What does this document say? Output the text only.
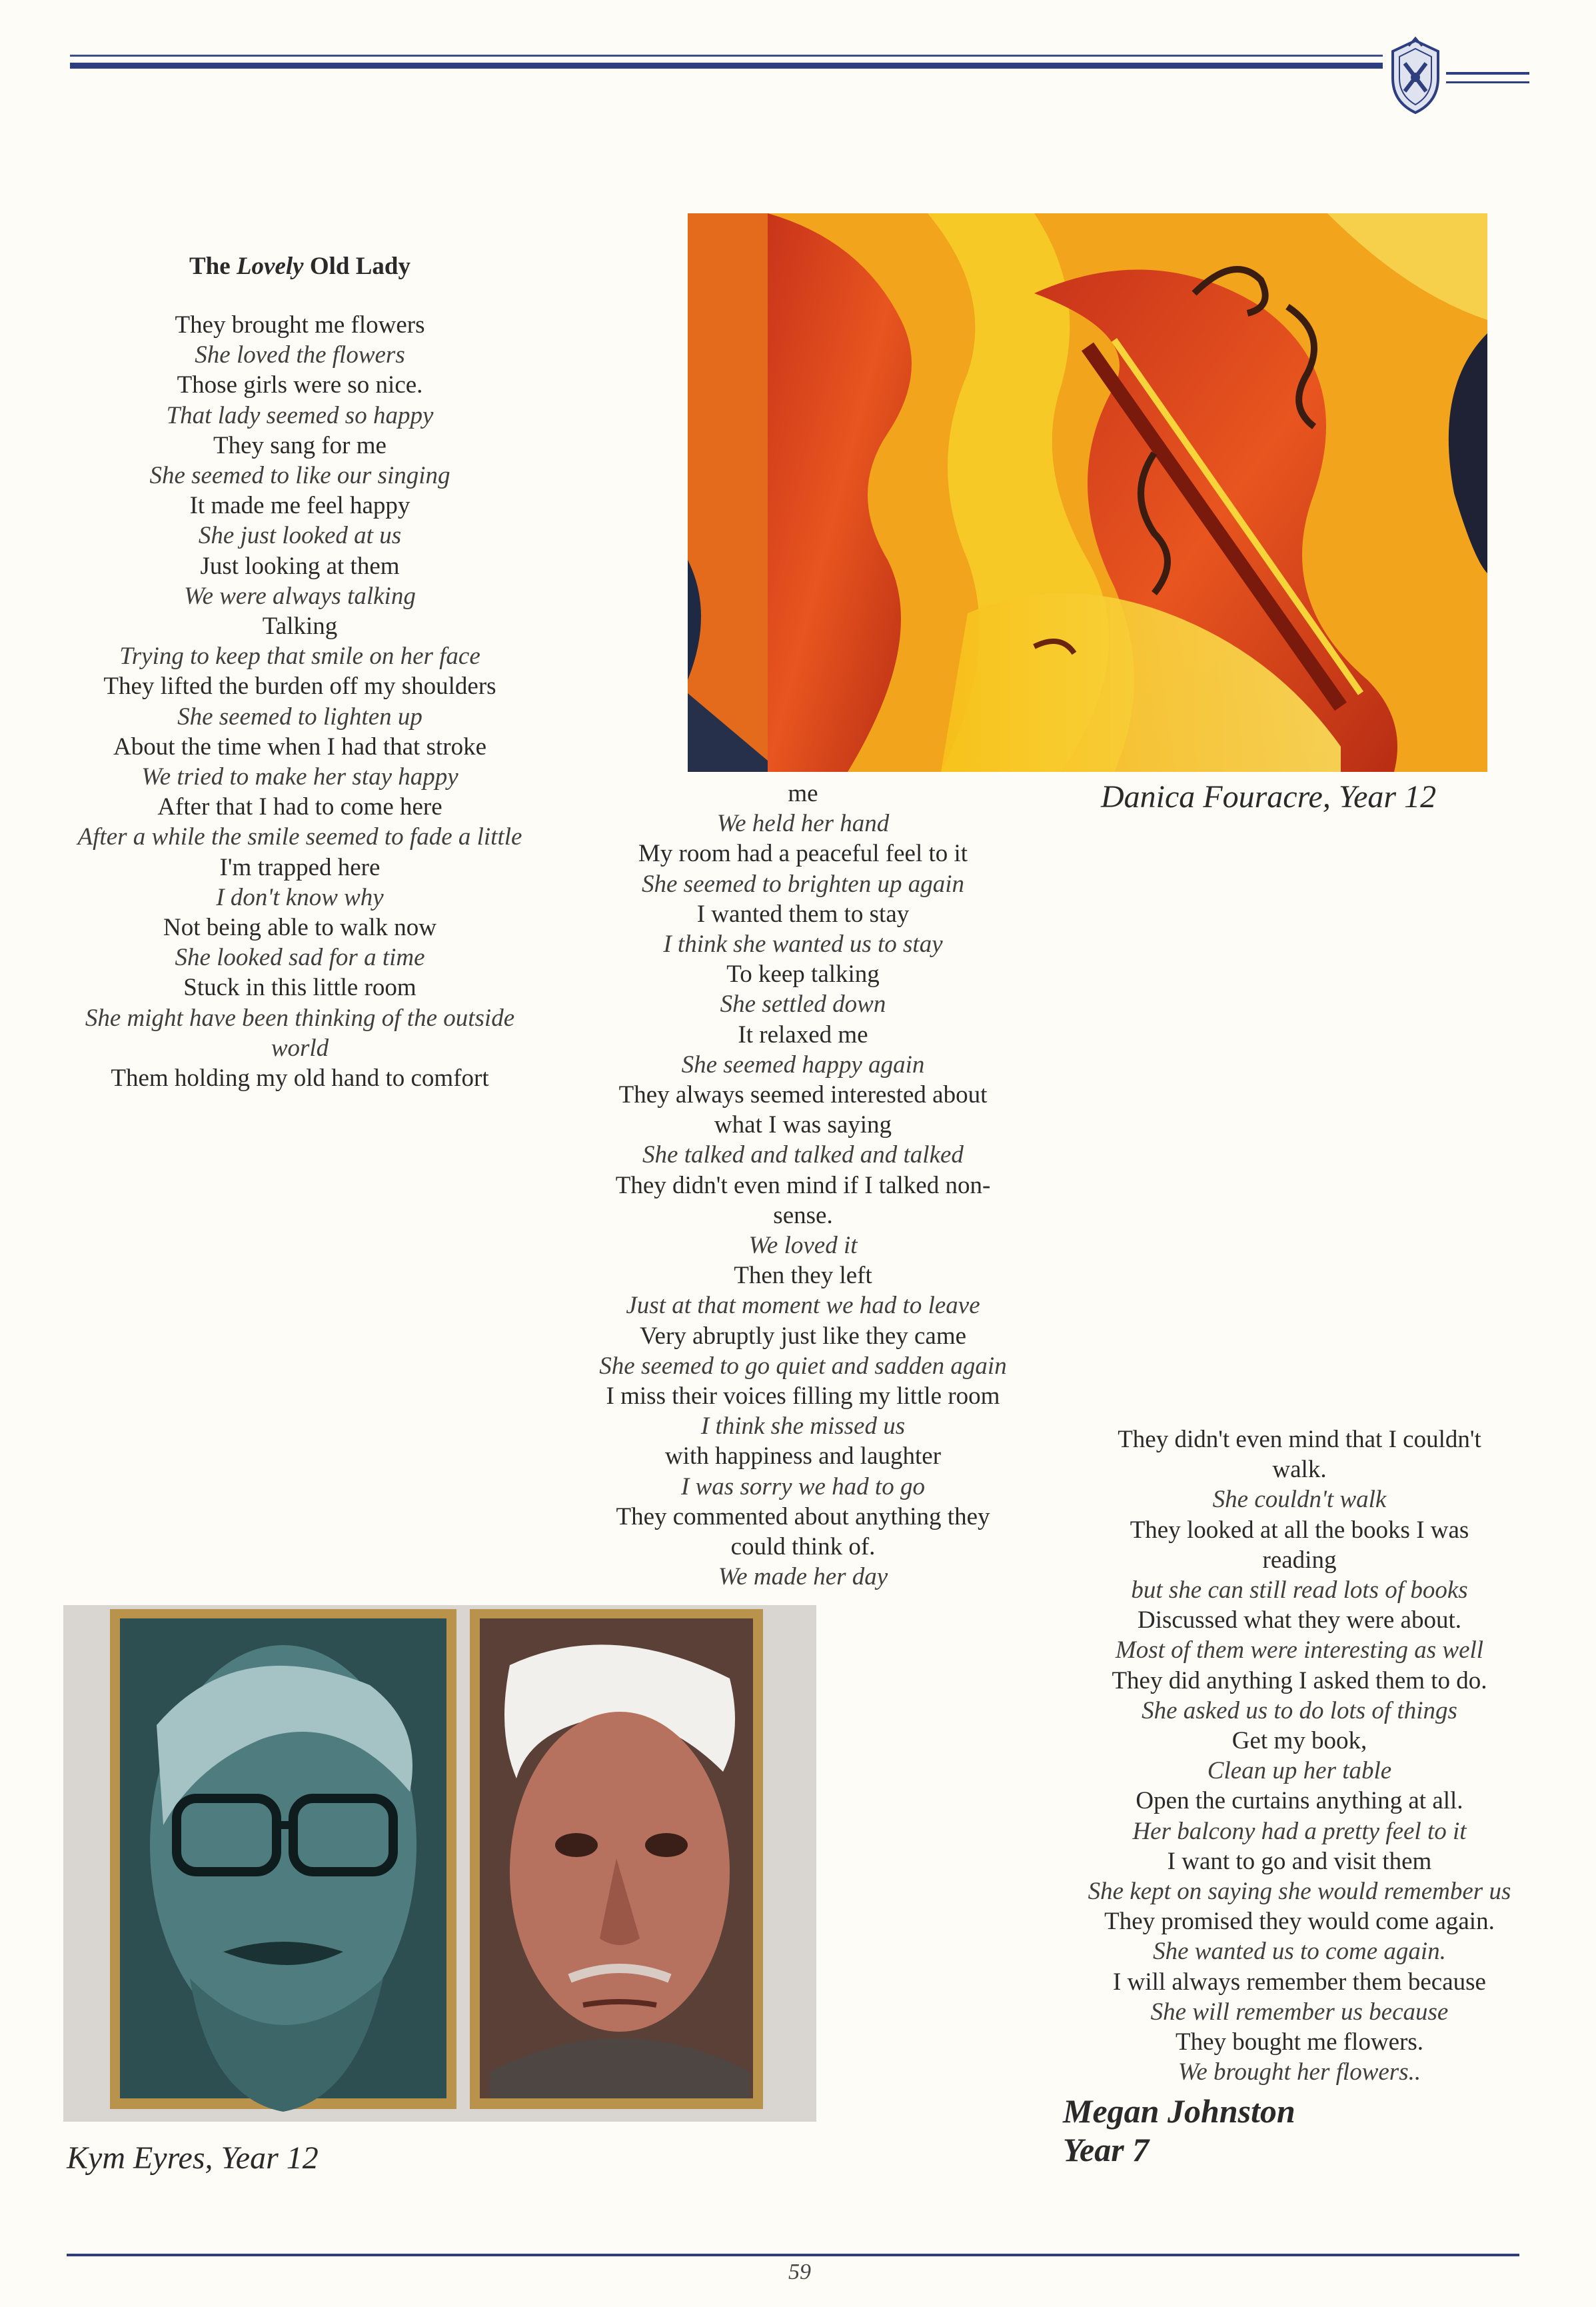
The Lovely Old Lady
They brought me flowers
She loved the flowers
Those girls were so nice.
That lady seemed so happy
They sang for me
She seemed to like our singing
It made me feel happy
She just looked at us
Just looking at them
We were always talking
Talking
Trying to keep that smile on her face
They lifted the burden off my shoulders
She seemed to lighten up
About the time when I had that stroke
We tried to make her stay happy
After that I had to come here
After a while the smile seemed to fade a little
I'm trapped here
I don't know why
Not being able to walk now
She looked sad for a time
Stuck in this little room
She might have been thinking of the outside
world
Them holding my old hand to comfort
me
We held her hand
My room had a peaceful feel to it
She seemed to brighten up again
I wanted them to stay
I think she wanted us to stay
To keep talking
She settled down
It relaxed me
She seemed happy again
They always seemed interested about
what I was saying
She talked and talked and talked
They didn't even mind if I talked non-
sense.
We loved it
Then they left
Just at that moment we had to leave
Very abruptly just like they came
She seemed to go quiet and sadden again
I miss their voices filling my little room
I think she missed us
with happiness and laughter
I was sorry we had to go
They commented about anything they
could think of.
We made her day
They didn't even mind that I couldn't
walk.
She couldn't walk
They looked at all the books I was
reading
but she can still read lots of books
Discussed what they were about.
Most of them were interesting as well
They did anything I asked them to do.
She asked us to do lots of things
Get my book,
Clean up her table
Open the curtains anything at all.
Her balcony had a pretty feel to it
I want to go and visit them
She kept on saying she would remember us
They promised they would come again.
She wanted us to come again.
I will always remember them because
She will remember us because
They bought me flowers.
We brought her flowers..
Danica Fouracre, Year 12
Kym Eyres, Year 12
Megan Johnston
Year 7
59
